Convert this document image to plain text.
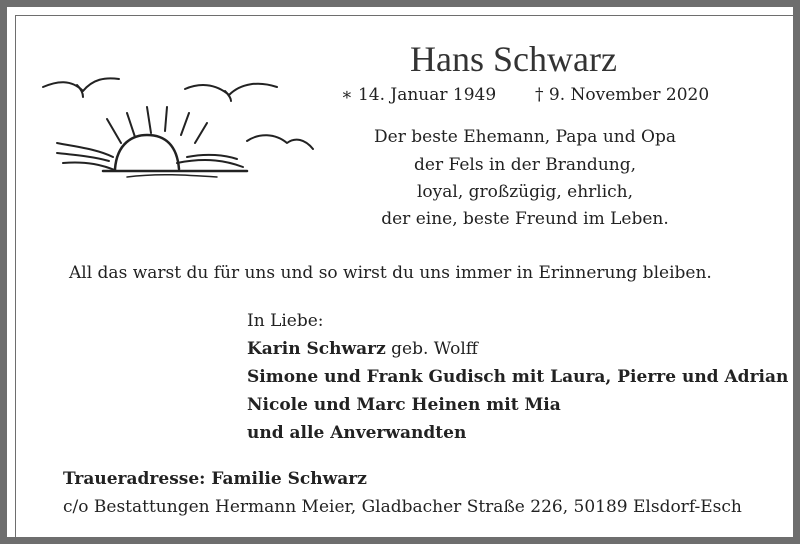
Hans Schwarz
∗ 14. Januar 1949 † 9. November 2020
Der beste Ehemann, Papa und Opa
der Fels in der Brandung,
loyal, großzügig, ehrlich,
der eine, beste Freund im Leben.
All das warst du für uns und so wirst du uns immer in Erinnerung bleiben.
In Liebe:
Karin Schwarz geb. Wolff
Simone und Frank Gudisch mit Laura, Pierre und Adrian
Nicole und Marc Heinen mit Mia
und alle Anverwandten
Traueradresse: Familie Schwarz
c/o Bestattungen Hermann Meier, Gladbacher Straße 226, 50189 Elsdorf-Esch
